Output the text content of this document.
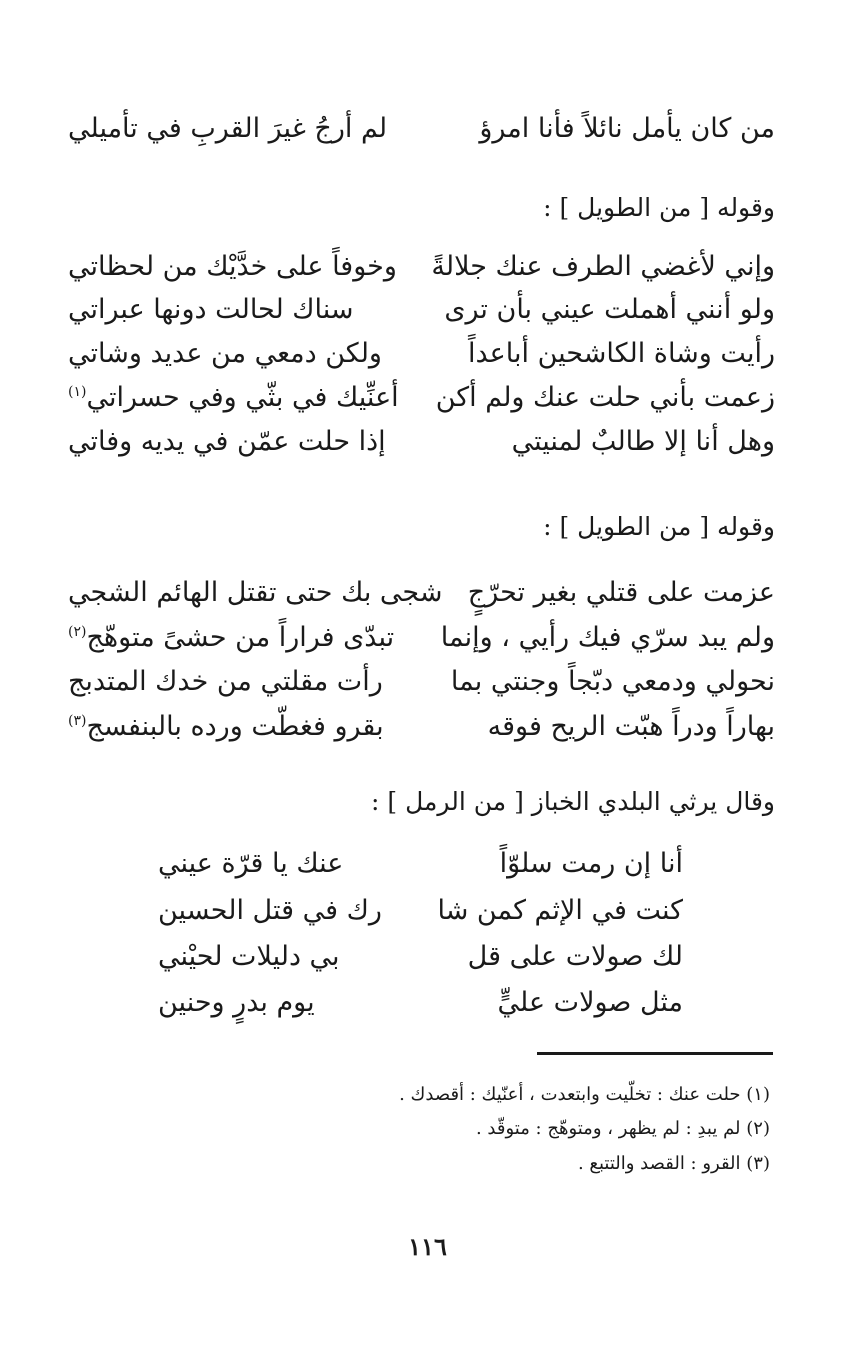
من كان يأمل نائلاً فأنا امرؤ
لم أرجُ غيرَ القربِ في تأميلي
وقوله [ من الطويل ] :
وإني لأغضي الطرف عنك جلالةً
وخوفاً على خدَّيْك من لحظاتي
ولو أنني أهملت عيني بأن ترى
سناك لحالت دونها عبراتي
رأيت وشاة الكاشحين أباعداً
ولكن دمعي من عديد وشاتي
زعمت بأني حلت عنك ولم أكن
أعنِّيك في بثّي وفي حسراتي$^{(١)}$
وهل أنا إلا طالبٌ لمنيتي
إذا حلت عمّن في يديه وفاتي
وقوله [ من الطويل ] :
عزمت على قتلي بغير تحرّجٍ
شجى بك حتى تقتل الهائم الشجي
ولم يبد سرّي فيك رأيي ، وإنما
تبدّى فراراً من حشىً متوهّج$^{(٢)}$
نحولي ودمعي دبّجاً وجنتي بما
رأت مقلتي من خدك المتدبج
بهاراً ودراً هبّت الريح فوقه
بقرو فغطّت ورده بالبنفسج$^{(٣)}$
وقال يرثي البلدي الخباز [ من الرمل ] :
أنا إن رمت سلوّاً
عنك يا قرّة عيني
كنت في الإثم كمن شا
رك في قتل الحسين
لك صولات على قل
بي دليلات لحيْني
مثل صولات عليٍّ
يوم بدرٍ وحنين
(١) حلت عنك : تخلّيت وابتعدت ، أعنّيك : أقصدك .
(٢) لم يبدِ : لم يظهر ، ومتوهّج : متوقّد .
(٣) القرو : القصد والتتبع .
١١٦
